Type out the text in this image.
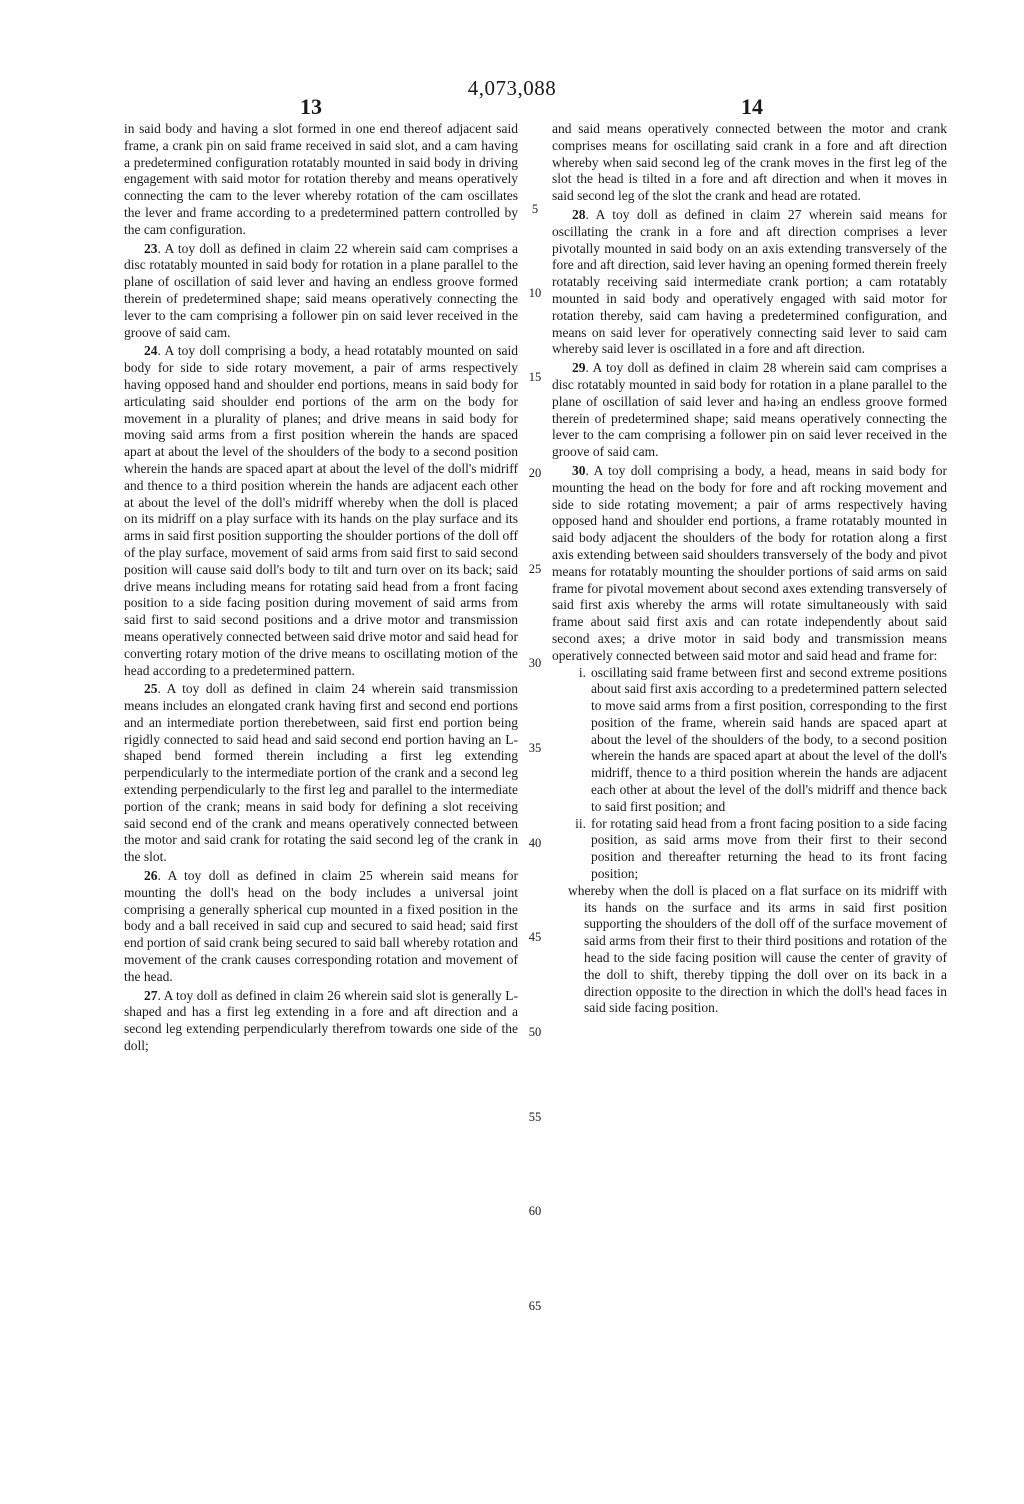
4,073,088
13	14

in said body and having a slot formed in one end thereof adjacent said frame, a crank pin on said frame received in said slot, and a cam having a predetermined configuration rotatably mounted in said body in driving engagement with said motor for rotation thereby and means operatively connecting the cam to the lever whereby rotation of the cam oscillates the lever and frame according to a predetermined pattern controlled by the cam configuration.

23. A toy doll as defined in claim 22 wherein said cam comprises a disc rotatably mounted in said body for rotation in a plane parallel to the plane of oscillation of said lever and having an endless groove formed therein of predetermined shape; said means operatively connecting the lever to the cam comprising a follower pin on said lever received in the groove of said cam.

24. A toy doll comprising a body, a head rotatably mounted on said body for side to side rotary movement, a pair of arms respectively having opposed hand and shoulder end portions, means in said body for articulating said shoulder end portions of the arm on the body for movement in a plurality of planes; and drive means in said body for moving said arms from a first position wherein the hands are spaced apart at about the level of the shoulders of the body to a second position wherein the hands are spaced apart at about the level of the doll's midriff and thence to a third position wherein the hands are adjacent each other at about the level of the doll's midriff whereby when the doll is placed on its midriff on a play surface with its hands on the play surface and its arms in said first position supporting the shoulder portions of the doll off of the play surface, movement of said arms from said first to said second position will cause said doll's body to tilt and turn over on its back; said drive means including means for rotating said head from a front facing position to a side facing position during movement of said arms from said first to said second positions and a drive motor and transmission means operatively connected between said drive motor and said head for converting rotary motion of the drive means to oscillating motion of the head according to a predetermined pattern.

25. A toy doll as defined in claim 24 wherein said transmission means includes an elongated crank having first and second end portions and an intermediate portion therebetween, said first end portion being rigidly connected to said head and said second end portion having an L-shaped bend formed therein including a first leg extending perpendicularly to the intermediate portion of the crank and a second leg extending perpendicularly to the first leg and parallel to the intermediate portion of the crank; means in said body for defining a slot receiving said second end of the crank and means operatively connected between the motor and said crank for rotating the said second leg of the crank in the slot.

26. A toy doll as defined in claim 25 wherein said means for mounting the doll's head on the body includes a universal joint comprising a generally spherical cup mounted in a fixed position in the body and a ball received in said cup and secured to said head; said first end portion of said crank being secured to said ball whereby rotation and movement of the crank causes corresponding rotation and movement of the head.

27. A toy doll as defined in claim 26 wherein said slot is generally L-shaped and has a first leg extending in a fore and aft direction and a second leg extending perpendicularly therefrom towards one side of the doll;

5
10
15
20
25
30
35
40
45
50
55
60
65

and said means operatively connected between the motor and crank comprises means for oscillating said crank in a fore and aft direction whereby when said second leg of the crank moves in the first leg of the slot the head is tilted in a fore and aft direction and when it moves in said second leg of the slot the crank and head are rotated.

28. A toy doll as defined in claim 27 wherein said means for oscillating the crank in a fore and aft direction comprises a lever pivotally mounted in said body on an axis extending transversely of the fore and aft direction, said lever having an opening formed therein freely rotatably receiving said intermediate crank portion; a cam rotatably mounted in said body and operatively engaged with said motor for rotation thereby, said cam having a predetermined configuration, and means on said lever for operatively connecting said lever to said cam whereby said lever is oscillated in a fore and aft direction.

29. A toy doll as defined in claim 28 wherein said cam comprises a disc rotatably mounted in said body for rotation in a plane parallel to the plane of oscillation of said lever and ha›ing an endless groove formed therein of predetermined shape; said means operatively connecting the lever to the cam comprising a follower pin on said lever received in the groove of said cam.

30. A toy doll comprising a body, a head, means in said body for mounting the head on the body for fore and aft rocking movement and side to side rotating movement; a pair of arms respectively having opposed hand and shoulder end portions, a frame rotatably mounted in said body adjacent the shoulders of the body for rotation along a first axis extending between said shoulders transversely of the body and pivot means for rotatably mounting the shoulder portions of said arms on said frame for pivotal movement about second axes extending transversely of said first axis whereby the arms will rotate simultaneously with said frame about said first axis and can rotate independently about said second axes; a drive motor in said body and transmission means operatively connected between said motor and said head and frame for:

i. oscillating said frame between first and second extreme positions about said first axis according to a predetermined pattern selected to move said arms from a first position, corresponding to the first position of the frame, wherein said hands are spaced apart at about the level of the shoulders of the body, to a second position wherein the hands are spaced apart at about the level of the doll's midriff, thence to a third position wherein the hands are adjacent each other at about the level of the doll's midriff and thence back to said first position; and
ii. for rotating said head from a front facing position to a side facing position, as said arms move from their first to their second position and thereafter returning the head to its front facing position;

whereby when the doll is placed on a flat surface on its midriff with its hands on the surface and its arms in said first position supporting the shoulders of the doll off of the surface movement of said arms from their first to their third positions and rotation of the head to the side facing position will cause the center of gravity of the doll to shift, thereby tipping the doll over on its back in a direction opposite to the direction in which the doll's head faces in said side facing position.
